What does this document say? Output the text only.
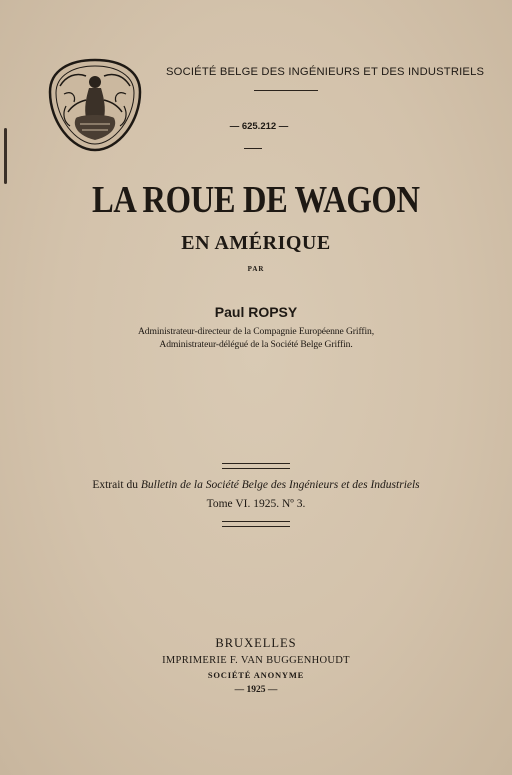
SOCIÉTÉ BELGE DES INGÉNIEURS ET DES INDUSTRIELS
— 625.212 —
LA ROUE DE WAGON
EN AMÉRIQUE
PAR
Paul ROPSY
Administrateur-directeur de la Compagnie Européenne Griffin,
Administrateur-délégué de la Société Belge Griffin.
Extrait du Bulletin de la Société Belge des Ingénieurs et des Industriels
Tome VI. 1925. Nº 3.
BRUXELLES
IMPRIMERIE F. VAN BUGGENHOUDT
SOCIÉTÉ ANONYME
— 1925 —
